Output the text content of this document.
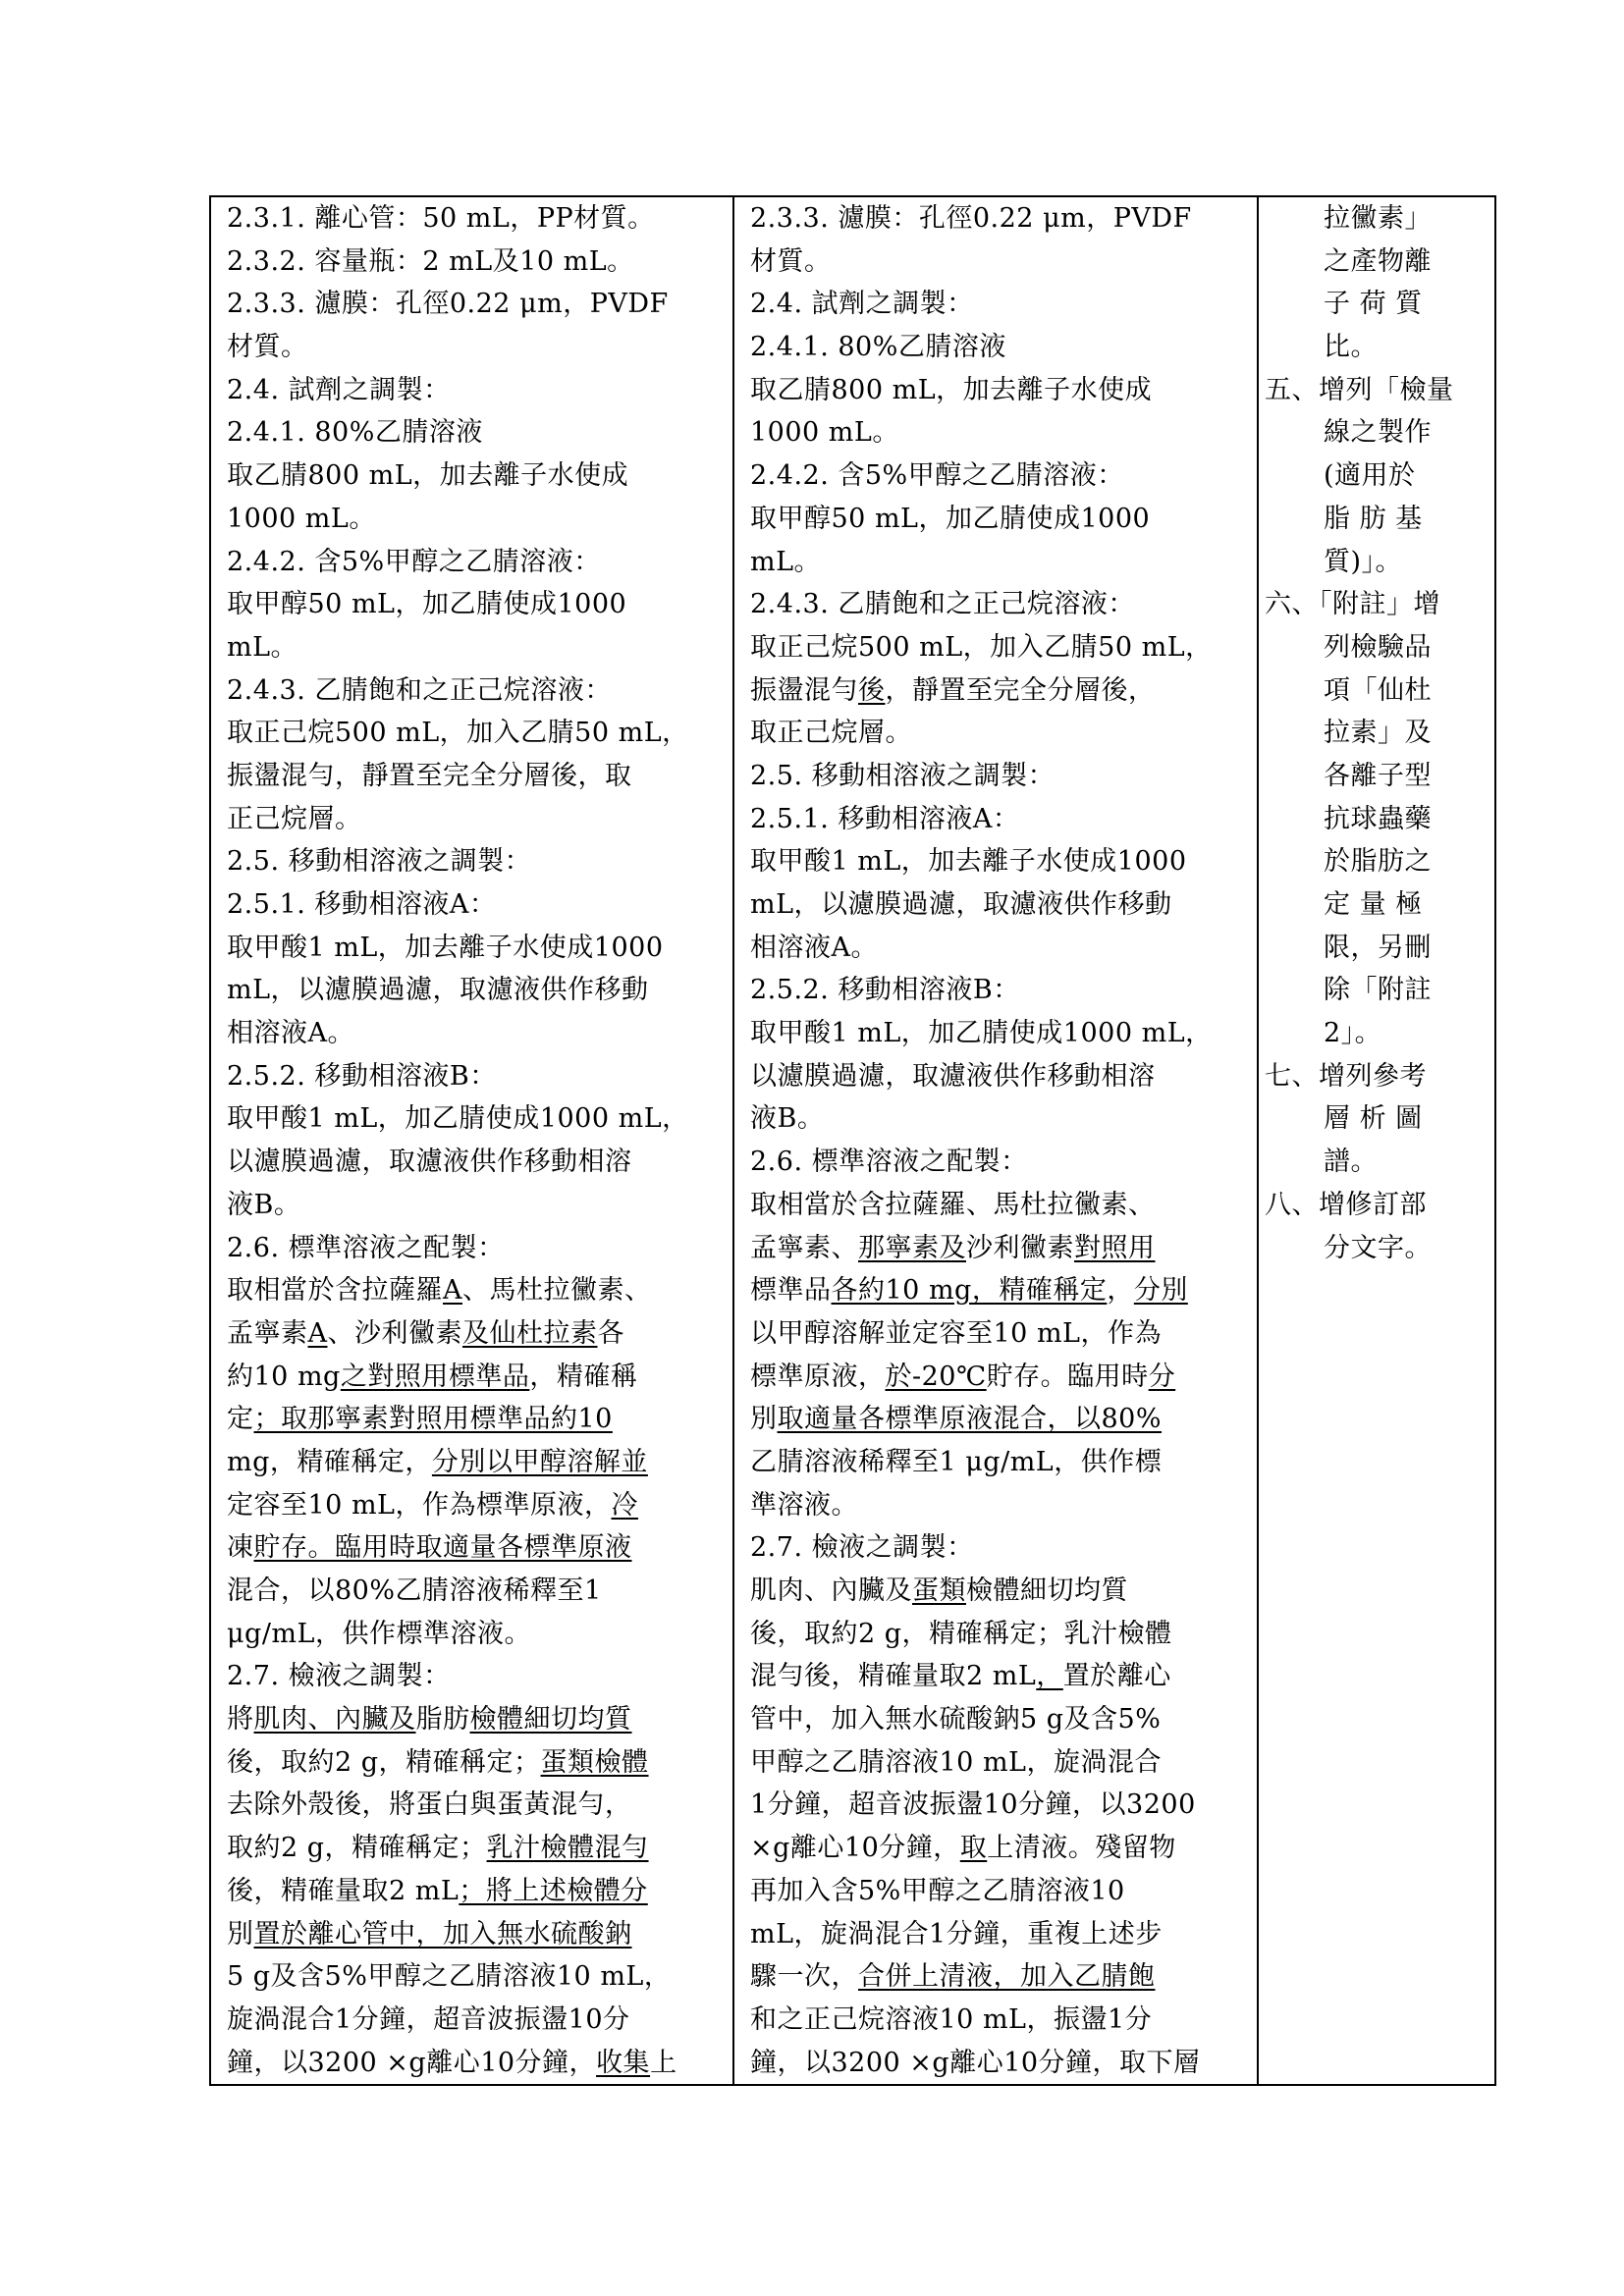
2.3.1. 離心管：50 mL，PP材質。
2.3.2. 容量瓶：2 mL及10 mL。
2.3.3. 濾膜：孔徑0.22 μm，PVDF
材質。
2.4. 試劑之調製：
2.4.1. 80%乙腈溶液
取乙腈800 mL，加去離子水使成
1000 mL。
2.4.2. 含5%甲醇之乙腈溶液：
取甲醇50 mL，加乙腈使成1000
mL。
2.4.3. 乙腈飽和之正己烷溶液：
取正己烷500 mL，加入乙腈50 mL，
振盪混勻，靜置至完全分層後，取
正己烷層。
2.5. 移動相溶液之調製：
2.5.1. 移動相溶液A：
取甲酸1 mL，加去離子水使成1000
mL，以濾膜過濾，取濾液供作移動
相溶液A。
2.5.2. 移動相溶液B：
取甲酸1 mL，加乙腈使成1000 mL，
以濾膜過濾，取濾液供作移動相溶
液B。
2.6. 標準溶液之配製：
取相當於含拉薩羅A、馬杜拉黴素、
孟寧素A、沙利黴素及仙杜拉素各
約10 mg之對照用標準品，精確稱
定；取那寧素對照用標準品約10
mg，精確稱定，分別以甲醇溶解並
定容至10 mL，作為標準原液，冷
凍貯存。臨用時取適量各標準原液
混合，以80%乙腈溶液稀釋至1
μg/mL，供作標準溶液。
2.7. 檢液之調製：
將肌肉、內臟及脂肪檢體細切均質
後，取約2 g，精確稱定；蛋類檢體
去除外殼後，將蛋白與蛋黃混勻，
取約2 g，精確稱定；乳汁檢體混勻
後，精確量取2 mL；將上述檢體分
別置於離心管中，加入無水硫酸鈉
5 g及含5%甲醇之乙腈溶液10 mL，
旋渦混合1分鐘，超音波振盪10分
鐘，以3200 ×g離心10分鐘，收集上

2.3.3. 濾膜：孔徑0.22 μm，PVDF
材質。
2.4. 試劑之調製：
2.4.1. 80%乙腈溶液
取乙腈800 mL，加去離子水使成
1000 mL。
2.4.2. 含5%甲醇之乙腈溶液：
取甲醇50 mL，加乙腈使成1000
mL。
2.4.3. 乙腈飽和之正己烷溶液：
取正己烷500 mL，加入乙腈50 mL，
振盪混勻後，靜置至完全分層後，
取正己烷層。
2.5. 移動相溶液之調製：
2.5.1. 移動相溶液A：
取甲酸1 mL，加去離子水使成1000
mL，以濾膜過濾，取濾液供作移動
相溶液A。
2.5.2. 移動相溶液B：
取甲酸1 mL，加乙腈使成1000 mL，
以濾膜過濾，取濾液供作移動相溶
液B。
2.6. 標準溶液之配製：
取相當於含拉薩羅、馬杜拉黴素、
孟寧素、那寧素及沙利黴素對照用
標準品各約10 mg，精確稱定，分別
以甲醇溶解並定容至10 mL，作為
標準原液，於-20℃貯存。臨用時分
別取適量各標準原液混合，以80%
乙腈溶液稀釋至1 μg/mL，供作標
準溶液。
2.7. 檢液之調製：
肌肉、內臟及蛋類檢體細切均質
後，取約2 g，精確稱定；乳汁檢體
混勻後，精確量取2 mL，置於離心
管中，加入無水硫酸鈉5 g及含5%
甲醇之乙腈溶液10 mL，旋渦混合
1分鐘，超音波振盪10分鐘，以3200
×g離心10分鐘，取上清液。殘留物
再加入含5%甲醇之乙腈溶液10
mL，旋渦混合1分鐘，重複上述步
驟一次，合併上清液，加入乙腈飽
和之正己烷溶液10 mL，振盪1分
鐘，以3200 ×g離心10分鐘，取下層

拉黴素」
之產物離
子 荷 質
比。
五、增列「檢量
線之製作
(適用於
脂 肪 基
質)」。
六、「附註」增
列檢驗品
項「仙杜
拉素」及
各離子型
抗球蟲藥
於脂肪之
定 量 極
限，另刪
除「附註
2」。
七、增列參考
層 析 圖
譜。
八、增修訂部
分文字。
